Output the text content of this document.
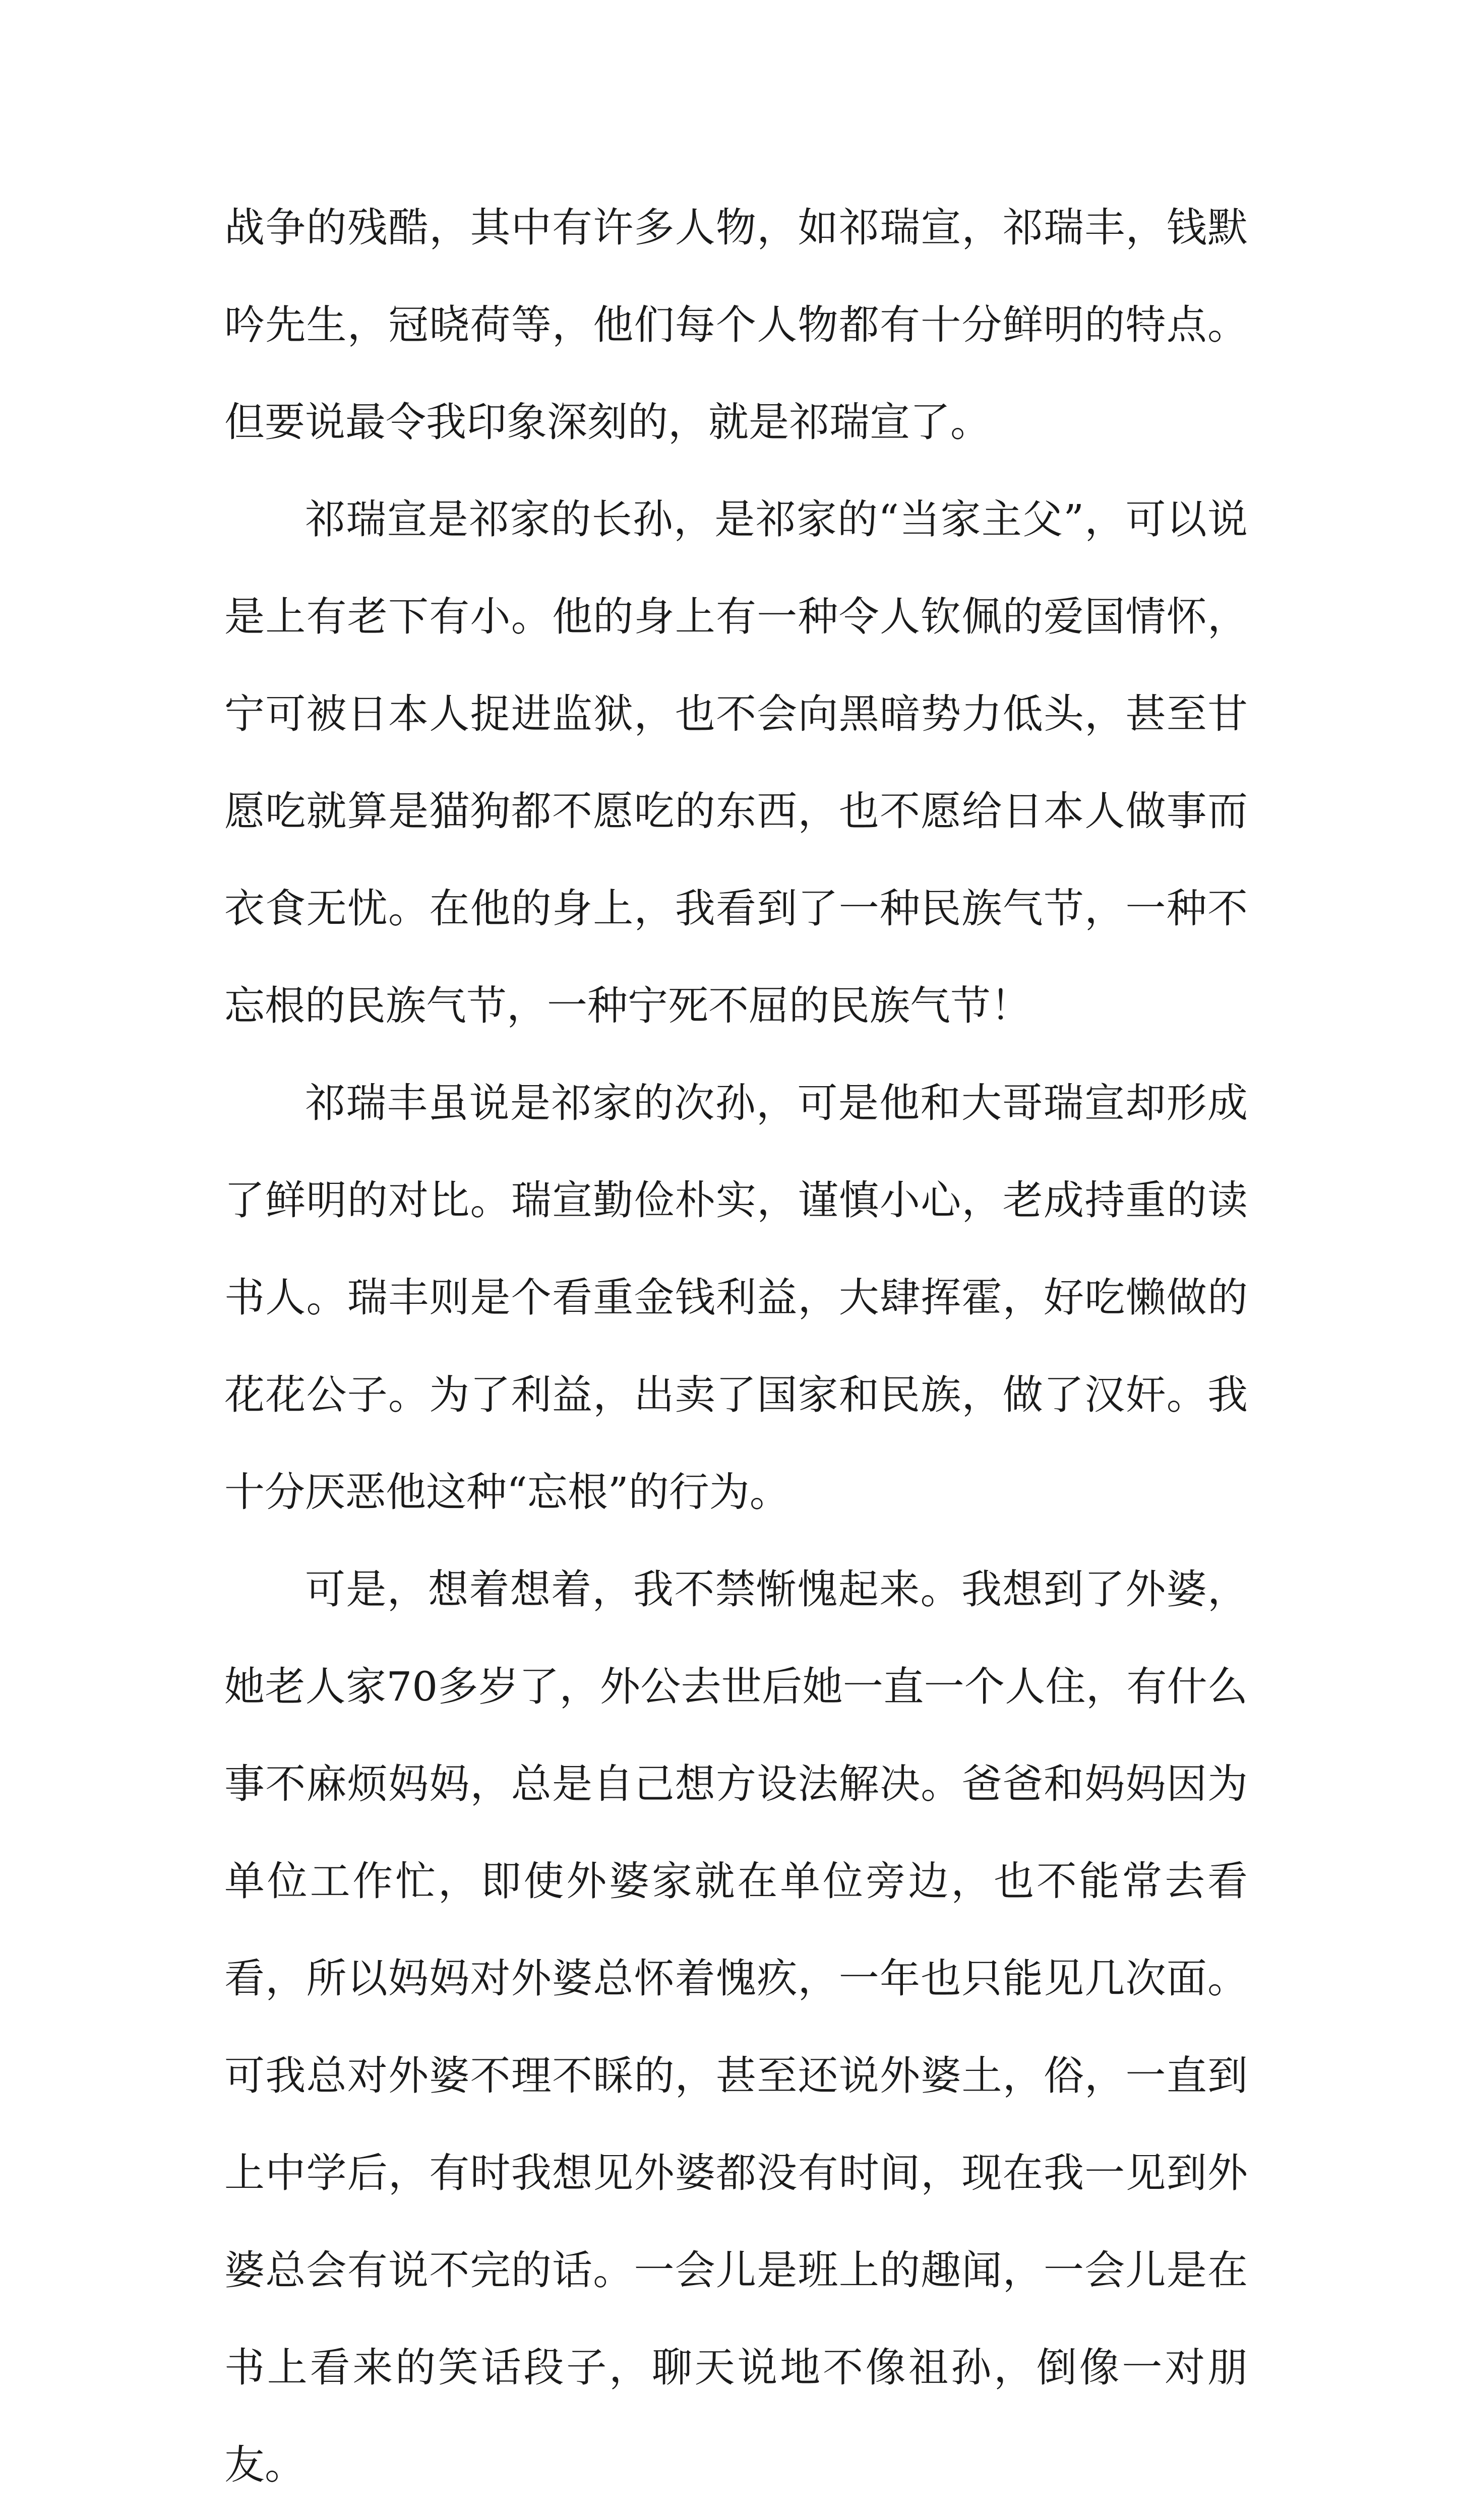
战争的残酷，其中有许多人物，如祁瑞宣，祁瑞丰，钱默吟先生，冠晓荷等，他们每个人物都有十分鲜明的特点。但要说最令我印象深刻的，就是祁瑞宣了。

祁瑞宣是祁家的长孙，是祁家的“当家主父”，可以说是上有老下有小。他的身上有一种令人钦佩的爱国情怀，宁可被日本人捉进监狱，也不会向黑暗势力低头，甚至甘愿吃就算是猫狗都不愿吃的东西，也不愿给日本人做事而衣食无忧。在他的身上，我看到了一种民族气节，一种不忘根的民族气节，一种宁死不屈的民族气节！

祁瑞丰虽说是祁家的次孙，可是他和大哥瑞宣却形成了鲜明的对比。瑞宣勤俭朴实，谨慎小心，老成持重的读书人。瑞丰则是个看重金钱利益，大肆挥霍，好吃懒做的花花公子。为了利益，出卖了国家和民族，做了汉奸。我十分厌恶他这种“忘根”的行为。

可是，想着想着，我不禁惭愧起来。我想到了外婆，她老人家70多岁了，外公去世后她一直一个人住，有什么事不麻烦妈妈，总是自己想方设法解决。爸爸和妈妈因为单位工作忙，即使外婆家就在单位旁边，也不能常去看看，所以妈妈对外婆总怀着愧疚，一年也只能见几次面。可我总对外婆不理不睬的，甚至还说外婆土，俗，一直到上中学后，有时我想见外婆都没有时间，现在我一见到外婆总会有说不完的话。一会儿是班上的趣闻，一会儿是在书上看来的笑话段子，聊天说地不像祖孙，倒像一对朋友。
